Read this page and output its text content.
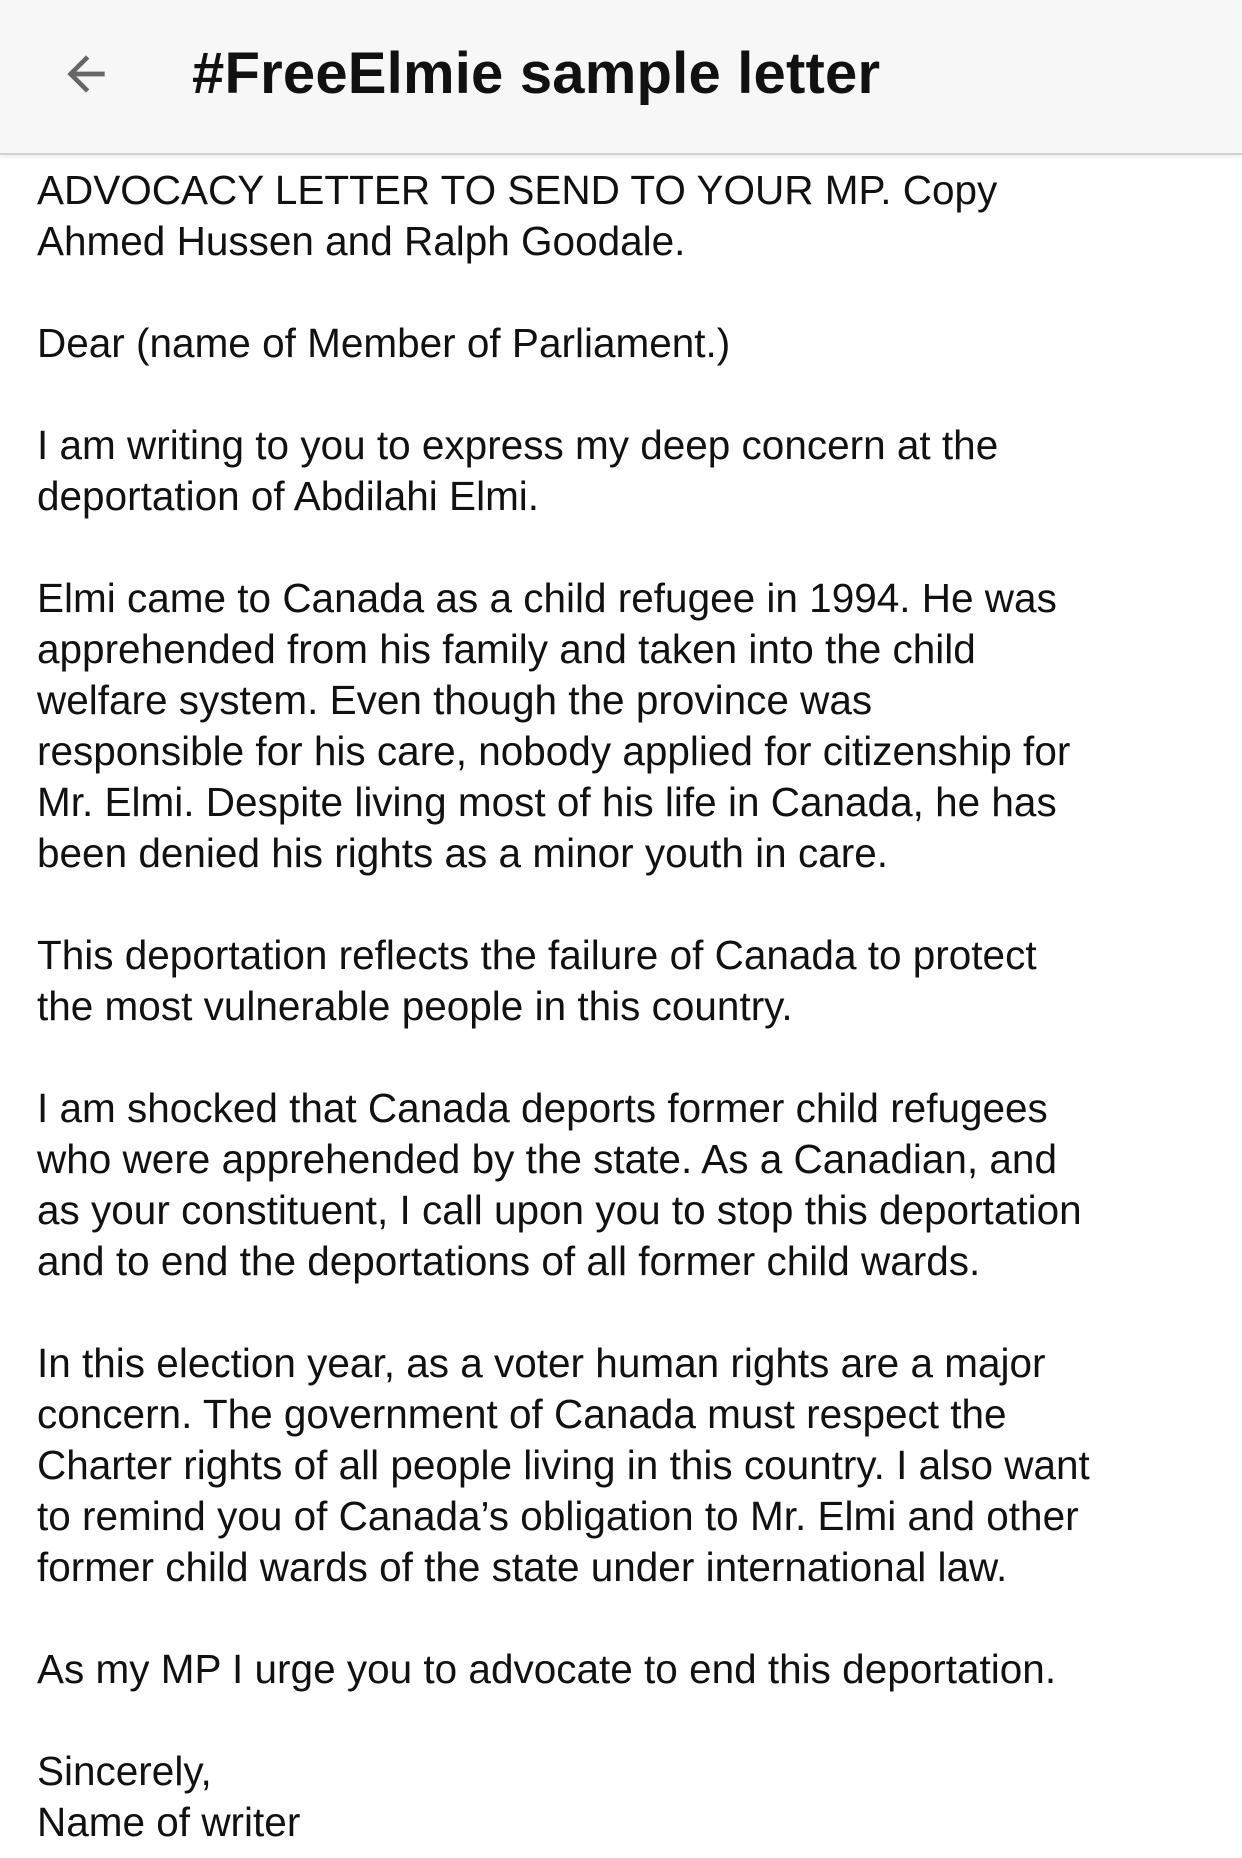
#FreeElmie sample letter

ADVOCACY LETTER TO SEND TO YOUR MP. Copy
Ahmed Hussen and Ralph Goodale.

Dear (name of Member of Parliament.)

I am writing to you to express my deep concern at the
deportation of Abdilahi Elmi.

Elmi came to Canada as a child refugee in 1994. He was
apprehended from his family and taken into the child
welfare system. Even though the province was
responsible for his care, nobody applied for citizenship for
Mr. Elmi. Despite living most of his life in Canada, he has
been denied his rights as a minor youth in care.

This deportation reflects the failure of Canada to protect
the most vulnerable people in this country.

I am shocked that Canada deports former child refugees
who were apprehended by the state. As a Canadian, and
as your constituent, I call upon you to stop this deportation
and to end the deportations of all former child wards.

In this election year, as a voter human rights are a major
concern. The government of Canada must respect the
Charter rights of all people living in this country. I also want
to remind you of Canada’s obligation to Mr. Elmi and other
former child wards of the state under international law.

As my MP I urge you to advocate to end this deportation.

Sincerely,
Name of writer
